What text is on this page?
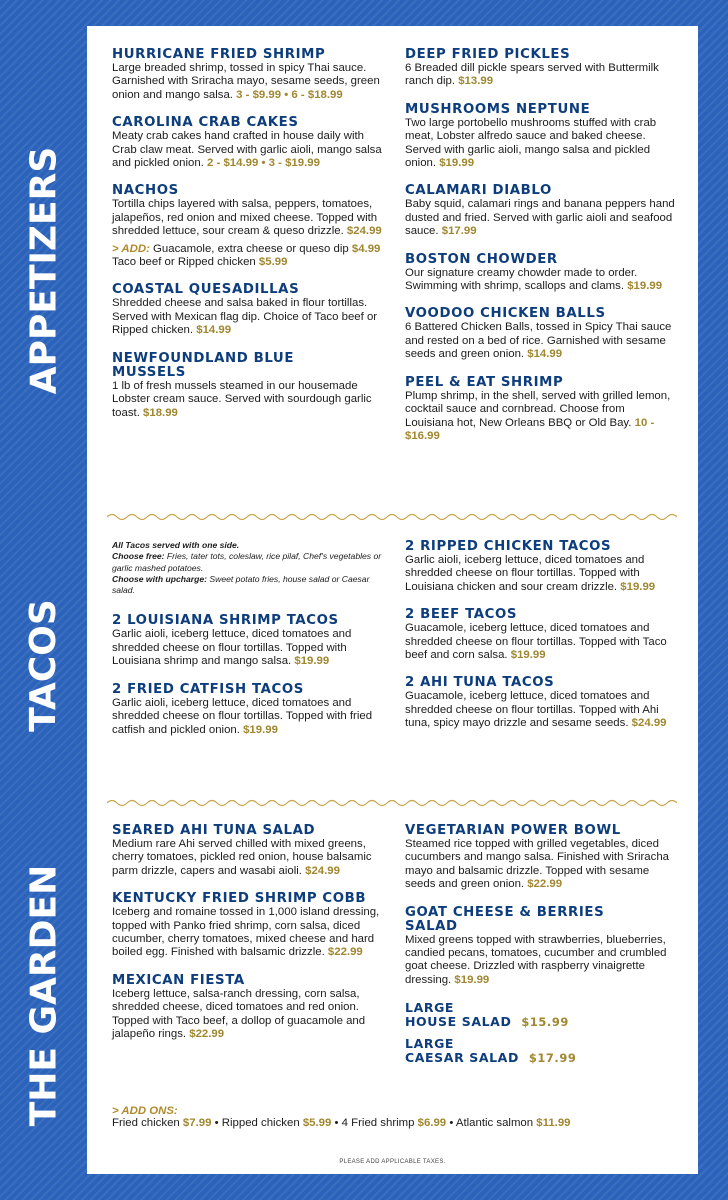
APPETIZERS
TACOS
THE GARDEN

HURRICANE FRIED SHRIMP

Large breaded shrimp, tossed in spicy Thai sauce. Garnished with Sriracha mayo, sesame seeds, green onion and mango salsa. 3 - $9.99 • 6 - $18.99

CAROLINA CRAB CAKES

Meaty crab cakes hand crafted in house daily with Crab claw meat. Served with garlic aioli, mango salsa and pickled onion. 2 - $14.99 • 3 - $19.99

NACHOS

Tortilla chips layered with salsa, peppers, tomatoes, jalapeños, red onion and mixed cheese. Topped with shredded lettuce, sour cream & queso drizzle. $24.99

> ADD: Guacamole, extra cheese or queso dip $4.99

Taco beef or Ripped chicken $5.99

COASTAL QUESADILLAS

Shredded cheese and salsa baked in flour tortillas. Served with Mexican flag dip. Choice of Taco beef or Ripped chicken. $14.99

NEWFOUNDLAND BLUE MUSSELS

1 lb of fresh mussels steamed in our housemade Lobster cream sauce. Served with sourdough garlic toast. $18.99

DEEP FRIED PICKLES

6 Breaded dill pickle spears served with Buttermilk ranch dip. $13.99

MUSHROOMS NEPTUNE

Two large portobello mushrooms stuffed with crab meat, Lobster alfredo sauce and baked cheese. Served with garlic aioli, mango salsa and pickled onion. $19.99

CALAMARI DIABLO

Baby squid, calamari rings and banana peppers hand dusted and fried. Served with garlic aioli and seafood sauce. $17.99

BOSTON CHOWDER

Our signature creamy chowder made to order. Swimming with shrimp, scallops and clams. $19.99

VOODOO CHICKEN BALLS

6 Battered Chicken Balls, tossed in Spicy Thai sauce and rested on a bed of rice. Garnished with sesame seeds and green onion. $14.99

PEEL & EAT SHRIMP

Plump shrimp, in the shell, served with grilled lemon, cocktail sauce and cornbread. Choose from Louisiana hot, New Orleans BBQ or Old Bay. 10 - $16.99

All Tacos served with one side.
Choose free: Fries, tater tots, coleslaw, rice pilaf, Chef's vegetables or garlic mashed potatoes.
Choose with upcharge: Sweet potato fries, house salad or Caesar salad.

2 LOUISIANA SHRIMP TACOS

Garlic aioli, iceberg lettuce, diced tomatoes and shredded cheese on flour tortillas. Topped with Louisiana shrimp and mango salsa. $19.99

2 FRIED CATFISH TACOS

Garlic aioli, iceberg lettuce, diced tomatoes and shredded cheese on flour tortillas. Topped with fried catfish and pickled onion. $19.99

2 RIPPED CHICKEN TACOS

Garlic aioli, iceberg lettuce, diced tomatoes and shredded cheese on flour tortillas. Topped with Louisiana chicken and sour cream drizzle. $19.99

2 BEEF TACOS

Guacamole, iceberg lettuce, diced tomatoes and shredded cheese on flour tortillas. Topped with Taco beef and corn salsa. $19.99

2 AHI TUNA TACOS

Guacamole, iceberg lettuce, diced tomatoes and shredded cheese on flour tortillas. Topped with Ahi tuna, spicy mayo drizzle and sesame seeds. $24.99

SEARED AHI TUNA SALAD

Medium rare Ahi served chilled with mixed greens, cherry tomatoes, pickled red onion, house balsamic parm drizzle, capers and wasabi aioli. $24.99

KENTUCKY FRIED SHRIMP COBB

Iceberg and romaine tossed in 1,000 island dressing, topped with Panko fried shrimp, corn salsa, diced cucumber, cherry tomatoes, mixed cheese and hard boiled egg. Finished with balsamic drizzle. $22.99

MEXICAN FIESTA

Iceberg lettuce, salsa-ranch dressing, corn salsa, shredded cheese, diced tomatoes and red onion. Topped with Taco beef, a dollop of guacamole and jalapeño rings. $22.99

VEGETARIAN POWER BOWL

Steamed rice topped with grilled vegetables, diced cucumbers and mango salsa. Finished with Sriracha mayo and balsamic drizzle. Topped with sesame seeds and green onion. $22.99

GOAT CHEESE & BERRIES SALAD

Mixed greens topped with strawberries, blueberries, candied pecans, tomatoes, cucumber and crumbled goat cheese. Drizzled with raspberry vinaigrette dressing. $19.99

LARGE

HOUSE SALAD $15.99

LARGE

CAESAR SALAD $17.99

> ADD ONS:

Fried chicken $7.99 • Ripped chicken $5.99 • 4 Fried shrimp $6.99 • Atlantic salmon $11.99

PLEASE ADD APPLICABLE TAXES.
